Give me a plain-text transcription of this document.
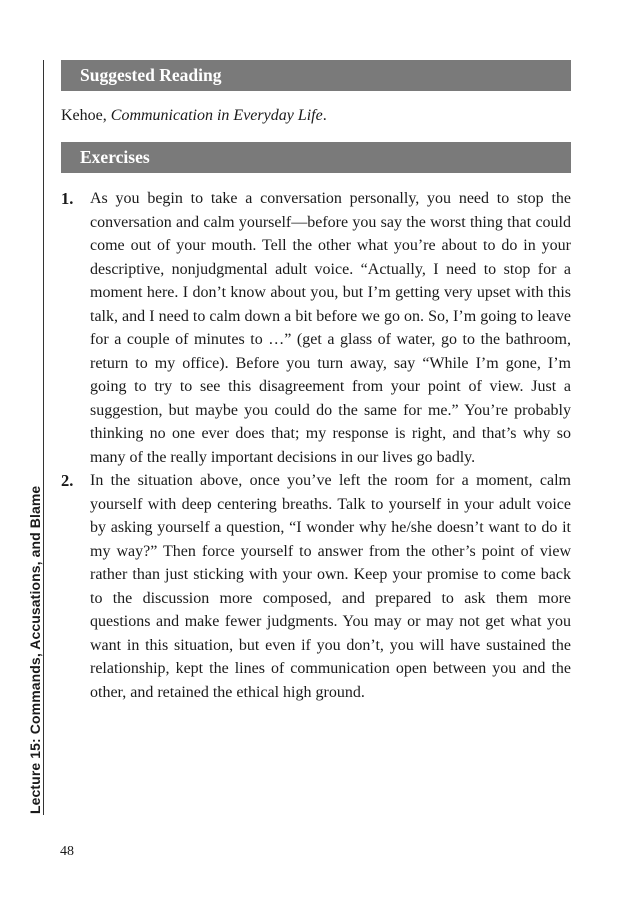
Lecture 15: Commands, Accusations, and Blame
Suggested Reading
Kehoe, Communication in Everyday Life.
Exercises
1. As you begin to take a conversation personally, you need to stop the conversation and calm yourself—before you say the worst thing that could come out of your mouth. Tell the other what you’re about to do in your descriptive, nonjudgmental adult voice. “Actually, I need to stop for a moment here. I don’t know about you, but I’m getting very upset with this talk, and I need to calm down a bit before we go on. So, I’m going to leave for a couple of minutes to …” (get a glass of water, go to the bathroom, return to my office). Before you turn away, say “While I’m gone, I’m going to try to see this disagreement from your point of view. Just a suggestion, but maybe you could do the same for me.” You’re probably thinking no one ever does that; my response is right, and that’s why so many of the really important decisions in our lives go badly.
2. In the situation above, once you’ve left the room for a moment, calm yourself with deep centering breaths. Talk to yourself in your adult voice by asking yourself a question, “I wonder why he/she doesn’t want to do it my way?” Then force yourself to answer from the other’s point of view rather than just sticking with your own. Keep your promise to come back to the discussion more composed, and prepared to ask them more questions and make fewer judgments. You may or may not get what you want in this situation, but even if you don’t, you will have sustained the relationship, kept the lines of communication open between you and the other, and retained the ethical high ground.
48
